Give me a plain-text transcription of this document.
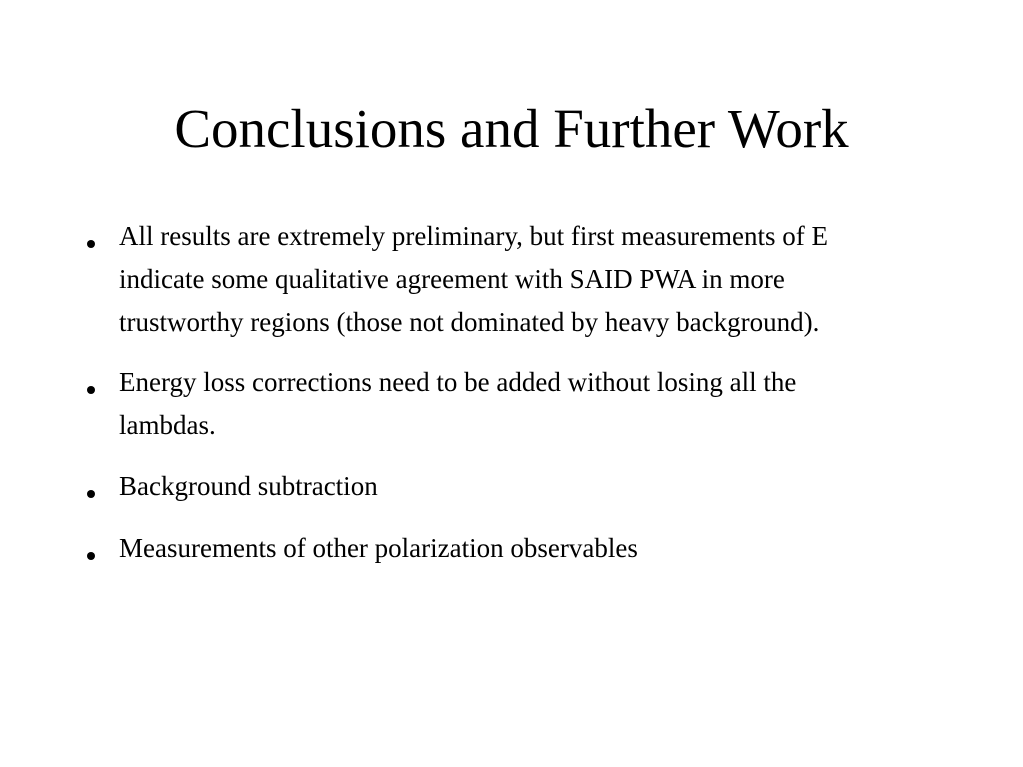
Conclusions and Further Work
All results are extremely preliminary, but first measurements of E
indicate some qualitative agreement with SAID PWA in more
trustworthy regions (those not dominated by heavy background).
Energy loss corrections need to be added without losing all the
lambdas.
Background subtraction
Measurements of other polarization observables
